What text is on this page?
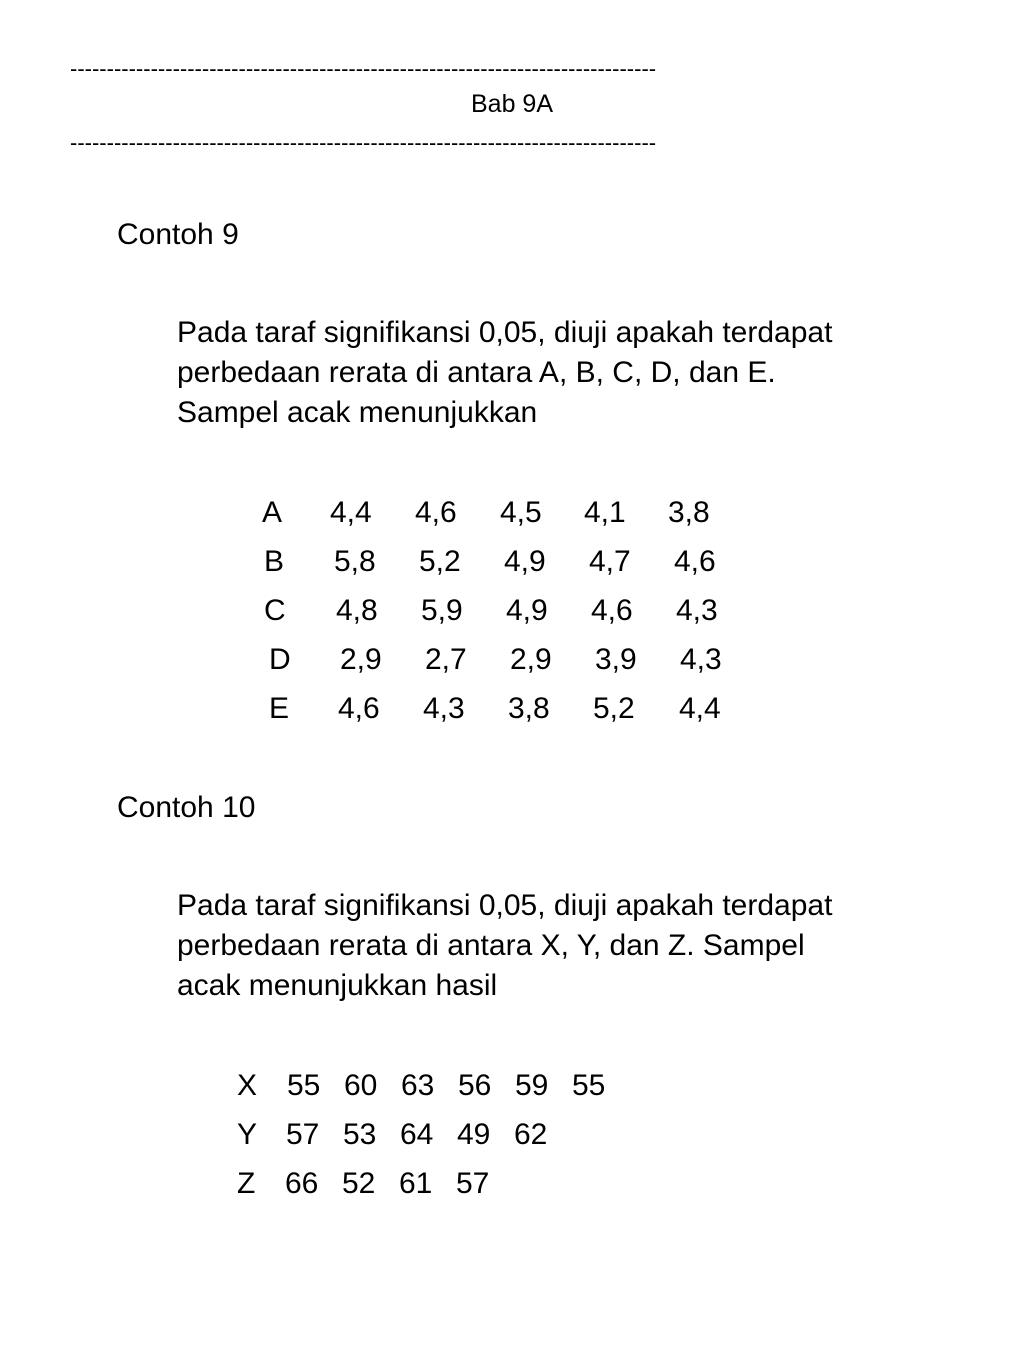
--------------------------------------------------------------------------------
Bab 9A
--------------------------------------------------------------------------------
Contoh 9
Pada taraf signifikansi 0,05, diuji apakah terdapat
perbedaan rerata di antara A, B, C, D, dan E.
Sampel acak menunjukkan
A 4,4 4,6 4,5 4,1 3,8
B 5,8 5,2 4,9 4,7 4,6
C 4,8 5,9 4,9 4,6 4,3
D 2,9 2,7 2,9 3,9 4,3
E 4,6 4,3 3,8 5,2 4,4
Contoh 10
Pada taraf signifikansi 0,05, diuji apakah terdapat
perbedaan rerata di antara X, Y, dan Z. Sampel
acak menunjukkan hasil
X 55 60 63 56 59 55
Y 57 53 64 49 62
Z 66 52 61 57
